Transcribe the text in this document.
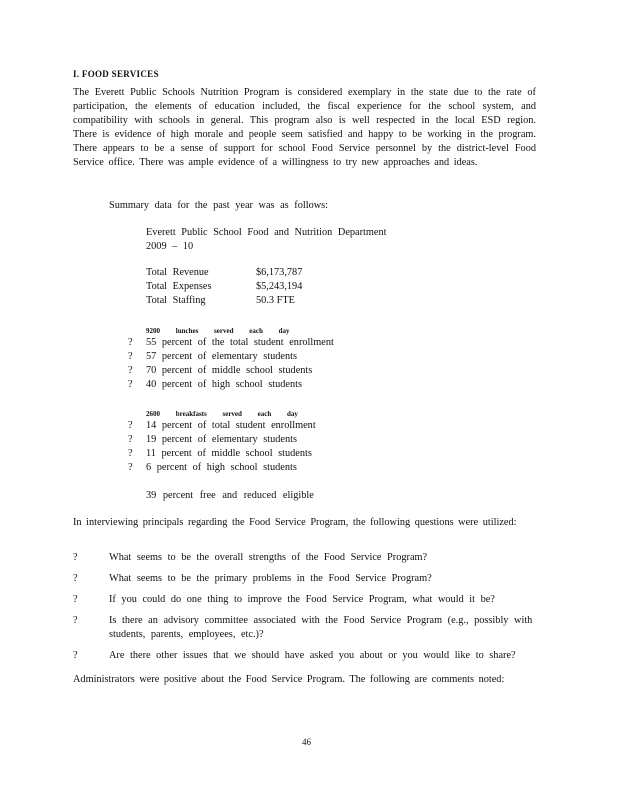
I. FOOD SERVICES

The Everett Public Schools Nutrition Program is considered exemplary in the state due to the rate of participation, the elements of education included, the fiscal experience for the school system, and compatibility with schools in general. This program also is well respected in the local ESD region. There is evidence of high morale and people seem satisfied and happy to be working in the program. There appears to be a sense of support for school Food Service personnel by the district-level Food Service office. There was ample evidence of a willingness to try new approaches and ideas.

Summary data for the past year was as follows:
Everett Public School Food and Nutrition Department
2009 – 10
Total Revenue	$6,173,787
Total Expenses	$5,243,194
Total Staffing	50.3 FTE
9200 lunches served each day
?	55 percent of the total student enrollment
?	57 percent of elementary students
?	70 percent of middle school students
?	40 percent of high school students
2600 breakfasts served each day
?	14 percent of total student enrollment
?	19 percent of elementary students
?	11 percent of middle school students
?	6 percent of high school students
39 percent free and reduced eligible

In interviewing principals regarding the Food Service Program, the following questions were utilized:

?	What seems to be the overall strengths of the Food Service Program?
?	What seems to be the primary problems in the Food Service Program?
?	If you could do one thing to improve the Food Service Program, what would it be?
?	Is there an advisory committee associated with the Food Service Program (e.g., possibly with students, parents, employees, etc.)?
?	Are there other issues that we should have asked you about or you would like to share?

Administrators were positive about the Food Service Program. The following are comments noted:

46
